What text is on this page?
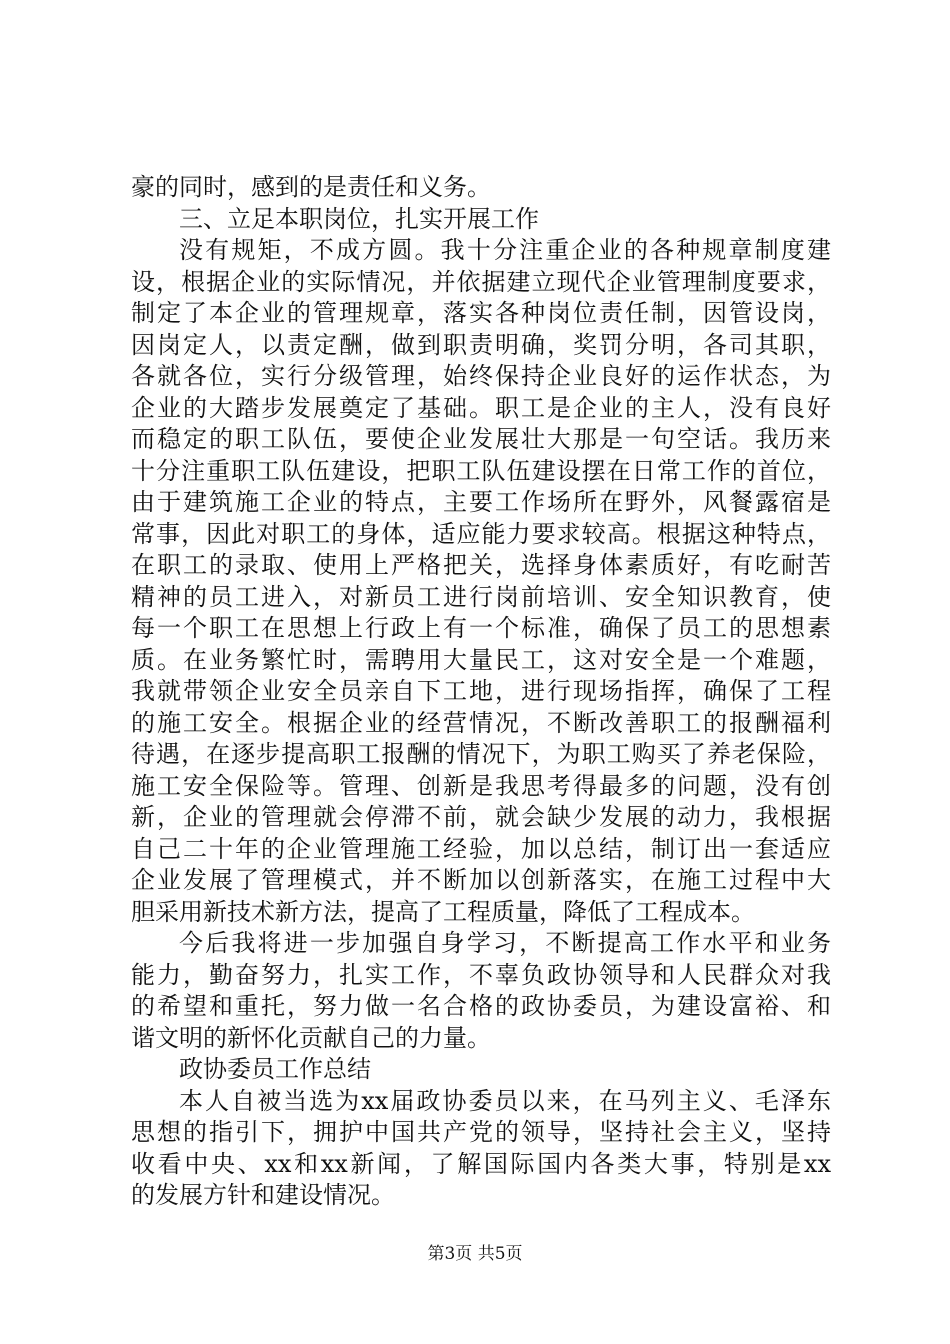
豪的同时，感到的是责任和义务。
三、立足本职岗位，扎实开展工作
没有规矩，不成方圆。我十分注重企业的各种规章制度建
设，根据企业的实际情况，并依据建立现代企业管理制度要求，
制定了本企业的管理规章，落实各种岗位责任制，因管设岗，
因岗定人，以责定酬，做到职责明确，奖罚分明，各司其职，
各就各位，实行分级管理，始终保持企业良好的运作状态，为
企业的大踏步发展奠定了基础。职工是企业的主人，没有良好
而稳定的职工队伍，要使企业发展壮大那是一句空话。我历来
十分注重职工队伍建设，把职工队伍建设摆在日常工作的首位，
由于建筑施工企业的特点，主要工作场所在野外，风餐露宿是
常事，因此对职工的身体，适应能力要求较高。根据这种特点，
在职工的录取、使用上严格把关，选择身体素质好，有吃耐苦
精神的员工进入，对新员工进行岗前培训、安全知识教育，使
每一个职工在思想上行政上有一个标准，确保了员工的思想素
质。在业务繁忙时，需聘用大量民工，这对安全是一个难题，
我就带领企业安全员亲自下工地，进行现场指挥，确保了工程
的施工安全。根据企业的经营情况，不断改善职工的报酬福利
待遇，在逐步提高职工报酬的情况下，为职工购买了养老保险，
施工安全保险等。管理、创新是我思考得最多的问题，没有创
新，企业的管理就会停滞不前，就会缺少发展的动力，我根据
自己二十年的企业管理施工经验，加以总结，制订出一套适应
企业发展了管理模式，并不断加以创新落实，在施工过程中大
胆采用新技术新方法，提高了工程质量，降低了工程成本。
今后我将进一步加强自身学习，不断提高工作水平和业务
能力，勤奋努力，扎实工作，不辜负政协领导和人民群众对我
的希望和重托，努力做一名合格的政协委员，为建设富裕、和
谐文明的新怀化贡献自己的力量。
政协委员工作总结
本人自被当选为xx届政协委员以来，在马列主义、毛泽东
思想的指引下，拥护中国共产党的领导，坚持社会主义，坚持
收看中央、xx和xx新闻，了解国际国内各类大事，特别是xx
的发展方针和建设情况。
第3页 共5页
